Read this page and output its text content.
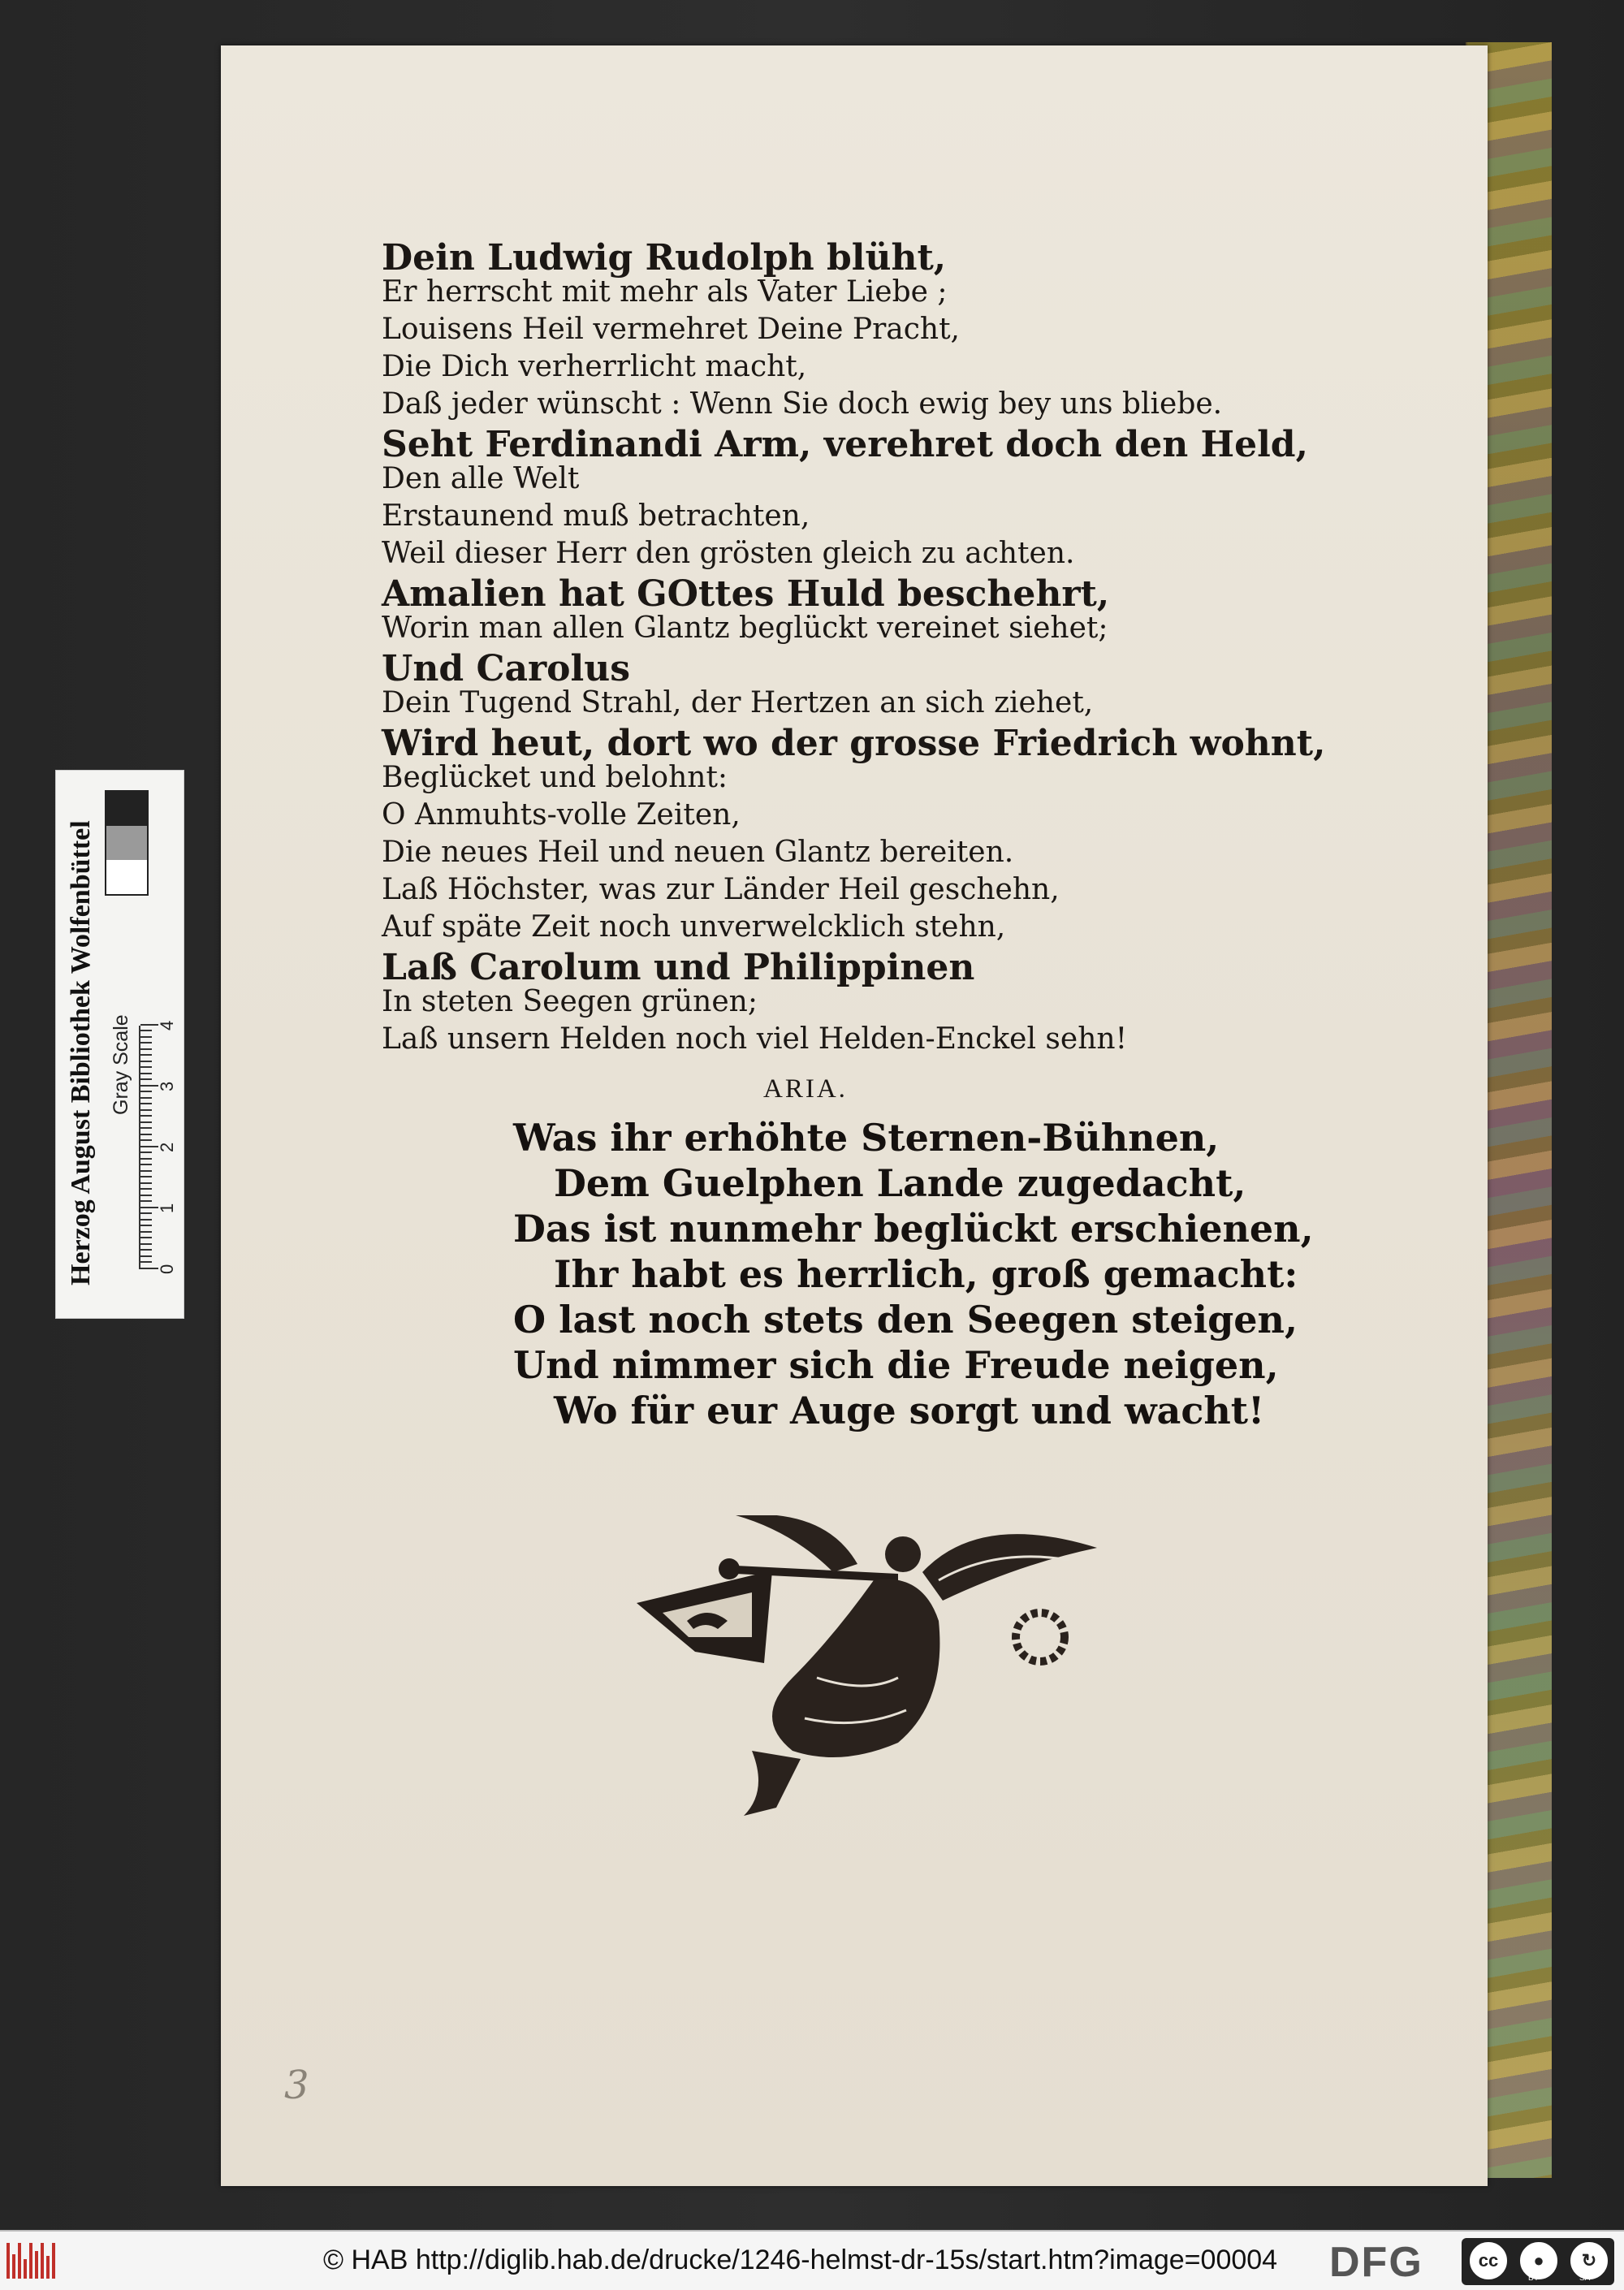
Herzog August Bibliothek Wolfenbüttel Gray Scale
0
1
2
3
4
Dein Ludwig Rudolph blüht,
Er herrscht mit mehr als Vater Liebe ;
Louisens Heil vermehret Deine Pracht,
Die Dich verherrlicht macht,
Daß jeder wünscht : Wenn Sie doch ewig bey uns bliebe.
Seht Ferdinandi Arm, verehret doch den Held,
Den alle Welt
Erstaunend muß betrachten,
Weil dieser Herr den grösten gleich zu achten.
Amalien hat GOttes Huld beschehrt,
Worin man allen Glantz beglückt vereinet siehet;
Und Carolus
Dein Tugend Strahl, der Hertzen an sich ziehet,
Wird heut, dort wo der grosse Friedrich wohnt,
Beglücket und belohnt:
O Anmuhts-volle Zeiten,
Die neues Heil und neuen Glantz bereiten.
Laß Höchster, was zur Länder Heil geschehn,
Auf späte Zeit noch unverwelcklich stehn,
Laß Carolum und Philippinen
In steten Seegen grünen;
Laß unsern Helden noch viel Helden-Enckel sehn!
ARIA.
Was ihr erhöhte Sternen-Bühnen,
Dem Guelphen Lande zugedacht,
Das ist nunmehr beglückt erschienen,
Ihr habt es herrlich, groß gemacht:
O last noch stets den Seegen steigen,
Und nimmer sich die Freude neigen,
Wo für eur Auge sorgt und wacht!
3
© HAB http://diglib.hab.de/drucke/1246-helmst-dr-15s/start.htm?image=00004 DFG	cc	●	↻
BY	SA
